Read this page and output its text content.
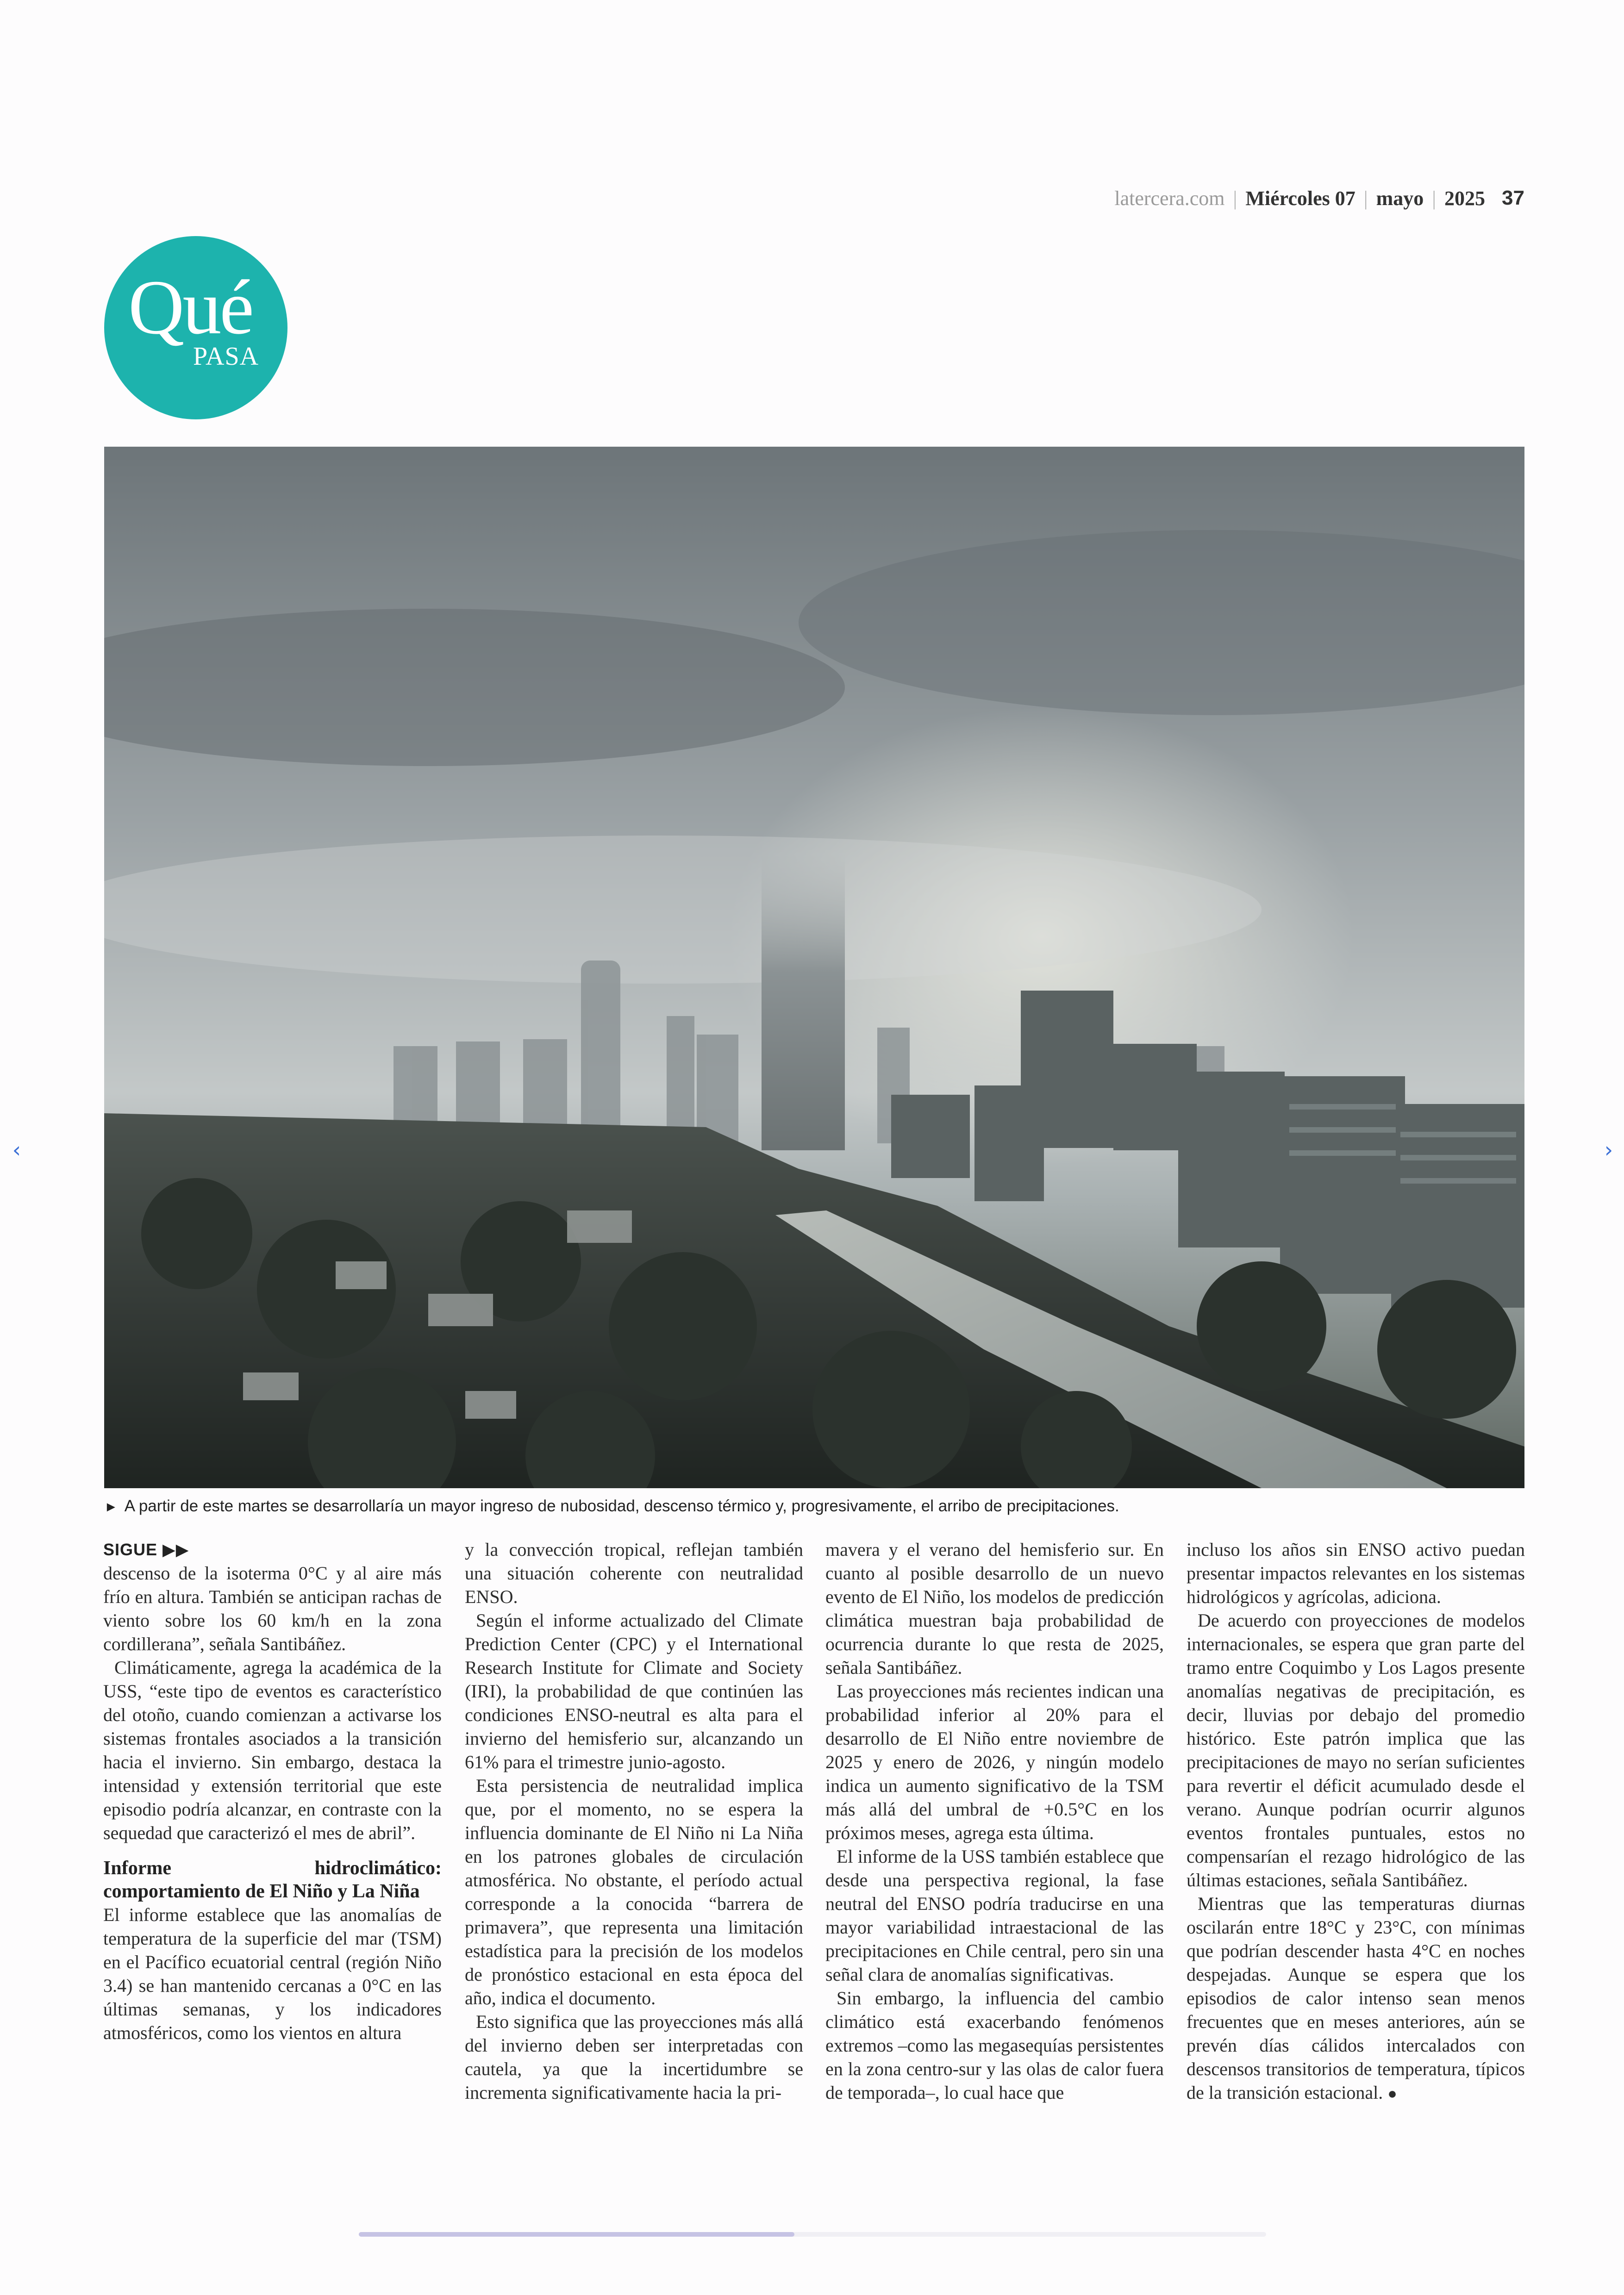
latercera.com | Miércoles 07 | mayo | 2025 37
Qué
PASA
► A partir de este martes se desarrollaría un mayor ingreso de nubosidad, descenso térmico y, progresivamente, el arribo de precipitaciones.
SIGUE ▶▶

descenso de la isoterma 0°C y al aire más frío en altura. También se anticipan rachas de viento sobre los 60 km/h en la zona cordillerana”, señala Santibáñez.

Climáticamente, agrega la académica de la USS, “este tipo de eventos es característico del otoño, cuando comienzan a activarse los sistemas frontales asociados a la transición hacia el invierno. Sin embargo, destaca la intensidad y extensión territorial que este episodio podría alcanzar, en contraste con la sequedad que caracterizó el mes de abril”.

Informe hidroclimático: comportamiento de El Niño y La Niña

El informe establece que las anomalías de temperatura de la superficie del mar (TSM) en el Pacífico ecuatorial central (región Niño 3.4) se han mantenido cercanas a 0°C en las últimas semanas, y los indicadores atmosféricos, como los vientos en altura

y la convección tropical, reflejan también una situación coherente con neutralidad ENSO.

Según el informe actualizado del Climate Prediction Center (CPC) y el International Research Institute for Climate and Society (IRI), la probabilidad de que continúen las condiciones ENSO-neutral es alta para el invierno del hemisferio sur, alcanzando un 61% para el trimestre junio-agosto.

Esta persistencia de neutralidad implica que, por el momento, no se espera la influencia dominante de El Niño ni La Niña en los patrones globales de circulación atmosférica. No obstante, el período actual corresponde a la conocida “barrera de primavera”, que representa una limitación estadística para la precisión de los modelos de pronóstico estacional en esta época del año, indica el documento.

Esto significa que las proyecciones más allá del invierno deben ser interpretadas con cautela, ya que la incertidumbre se incrementa significativamente hacia la pri-

mavera y el verano del hemisferio sur. En cuanto al posible desarrollo de un nuevo evento de El Niño, los modelos de predicción climática muestran baja probabilidad de ocurrencia durante lo que resta de 2025, señala Santibáñez.

Las proyecciones más recientes indican una probabilidad inferior al 20% para el desarrollo de El Niño entre noviembre de 2025 y enero de 2026, y ningún modelo indica un aumento significativo de la TSM más allá del umbral de +0.5°C en los próximos meses, agrega esta última.

El informe de la USS también establece que desde una perspectiva regional, la fase neutral del ENSO podría traducirse en una mayor variabilidad intraestacional de las precipitaciones en Chile central, pero sin una señal clara de anomalías significativas.

Sin embargo, la influencia del cambio climático está exacerbando fenómenos extremos –como las megasequías persistentes en la zona centro-sur y las olas de calor fuera de temporada–, lo cual hace que

incluso los años sin ENSO activo puedan presentar impactos relevantes en los sistemas hidrológicos y agrícolas, adiciona.

De acuerdo con proyecciones de modelos internacionales, se espera que gran parte del tramo entre Coquimbo y Los Lagos presente anomalías negativas de precipitación, es decir, lluvias por debajo del promedio histórico. Este patrón implica que las precipitaciones de mayo no serían suficientes para revertir el déficit acumulado desde el verano. Aunque podrían ocurrir algunos eventos frontales puntuales, estos no compensarían el rezago hidrológico de las últimas estaciones, señala Santibáñez.

Mientras que las temperaturas diurnas oscilarán entre 18°C y 23°C, con mínimas que podrían descender hasta 4°C en noches despejadas. Aunque se espera que los episodios de calor intenso sean menos frecuentes que en meses anteriores, aún se prevén días cálidos intercalados con descensos transitorios de temperatura, típicos de la transición estacional. ●

‹	›
